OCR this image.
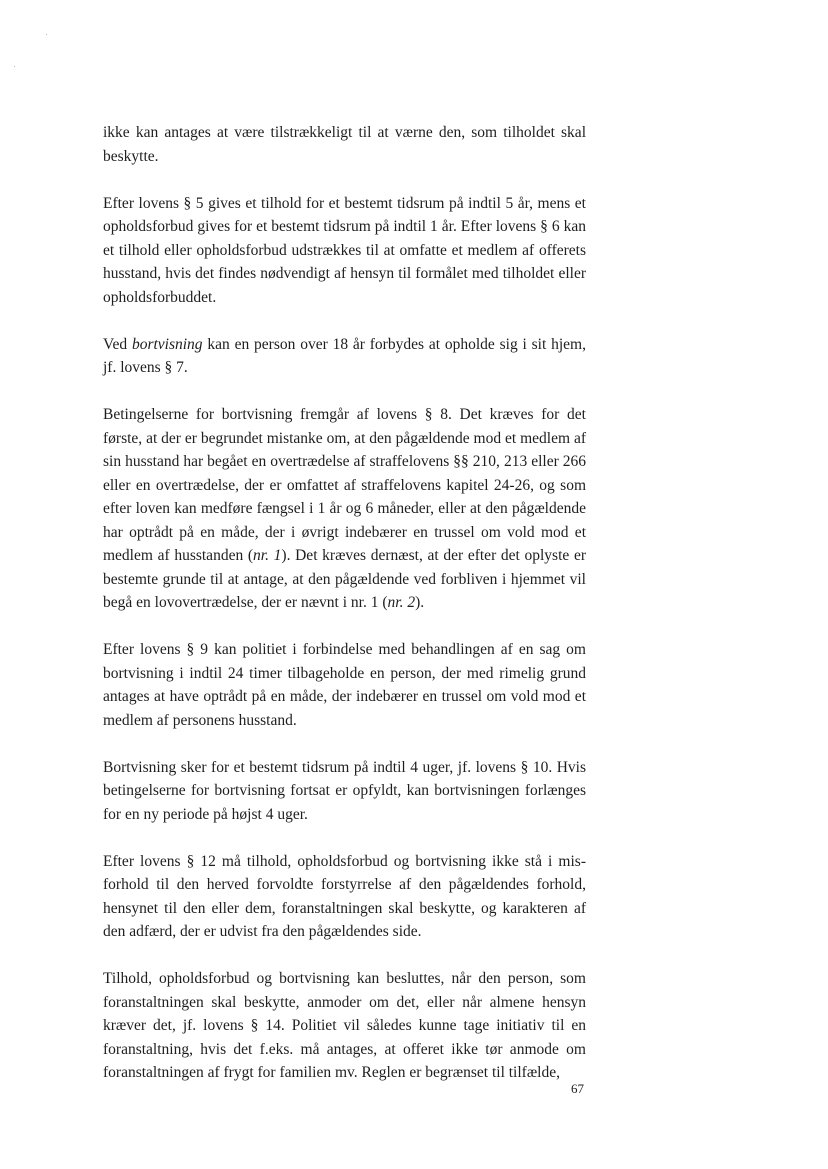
ikke kan antages at være tilstrækkeligt til at værne den, som tilholdet skal beskytte.

Efter lovens § 5 gives et tilhold for et bestemt tidsrum på indtil 5 år, mens et opholdsforbud gives for et bestemt tidsrum på indtil 1 år. Efter lovens § 6 kan et tilhold eller opholdsforbud udstrækkes til at omfatte et medlem af offerets husstand, hvis det findes nødvendigt af hensyn til formålet med tilholdet eller opholdsforbuddet.

Ved bortvisning kan en person over 18 år forbydes at opholde sig i sit hjem, jf. lovens § 7.

Betingelserne for bortvisning fremgår af lovens § 8. Det kræves for det første, at der er begrundet mistanke om, at den pågældende mod et medlem af sin husstand har begået en overtrædelse af straffelovens §§ 210, 213 eller 266 eller en overtrædelse, der er omfattet af straffelovens kapitel 24-26, og som efter loven kan medføre fængsel i 1 år og 6 måneder, eller at den pågældende har optrådt på en måde, der i øvrigt indebærer en trussel om vold mod et medlem af husstanden (nr. 1). Det kræves dernæst, at der efter det oplyste er bestemte grunde til at antage, at den pågældende ved forbliven i hjemmet vil begå en lovovertrædelse, der er nævnt i nr. 1 (nr. 2).

Efter lovens § 9 kan politiet i forbindelse med behandlingen af en sag om bortvisning i indtil 24 timer tilbageholde en person, der med rimelig grund antages at have optrådt på en måde, der indebærer en trussel om vold mod et medlem af personens husstand.

Bortvisning sker for et bestemt tidsrum på indtil 4 uger, jf. lovens § 10. Hvis betingelserne for bortvisning fortsat er opfyldt, kan bortvisningen forlænges for en ny periode på højst 4 uger.

Efter lovens § 12 må tilhold, opholdsforbud og bortvisning ikke stå i misforhold til den herved forvoldte forstyrrelse af den pågældendes forhold, hensynet til den eller dem, foranstaltningen skal beskytte, og karakteren af den adfærd, der er udvist fra den pågældendes side.

Tilhold, opholdsforbud og bortvisning kan besluttes, når den person, som foranstaltningen skal beskytte, anmoder om det, eller når almene hensyn kræver det, jf. lovens § 14. Politiet vil således kunne tage initiativ til en foranstaltning, hvis det f.eks. må antages, at offeret ikke tør anmode om foranstaltningen af frygt for familien mv. Reglen er begrænset til tilfælde,

67
